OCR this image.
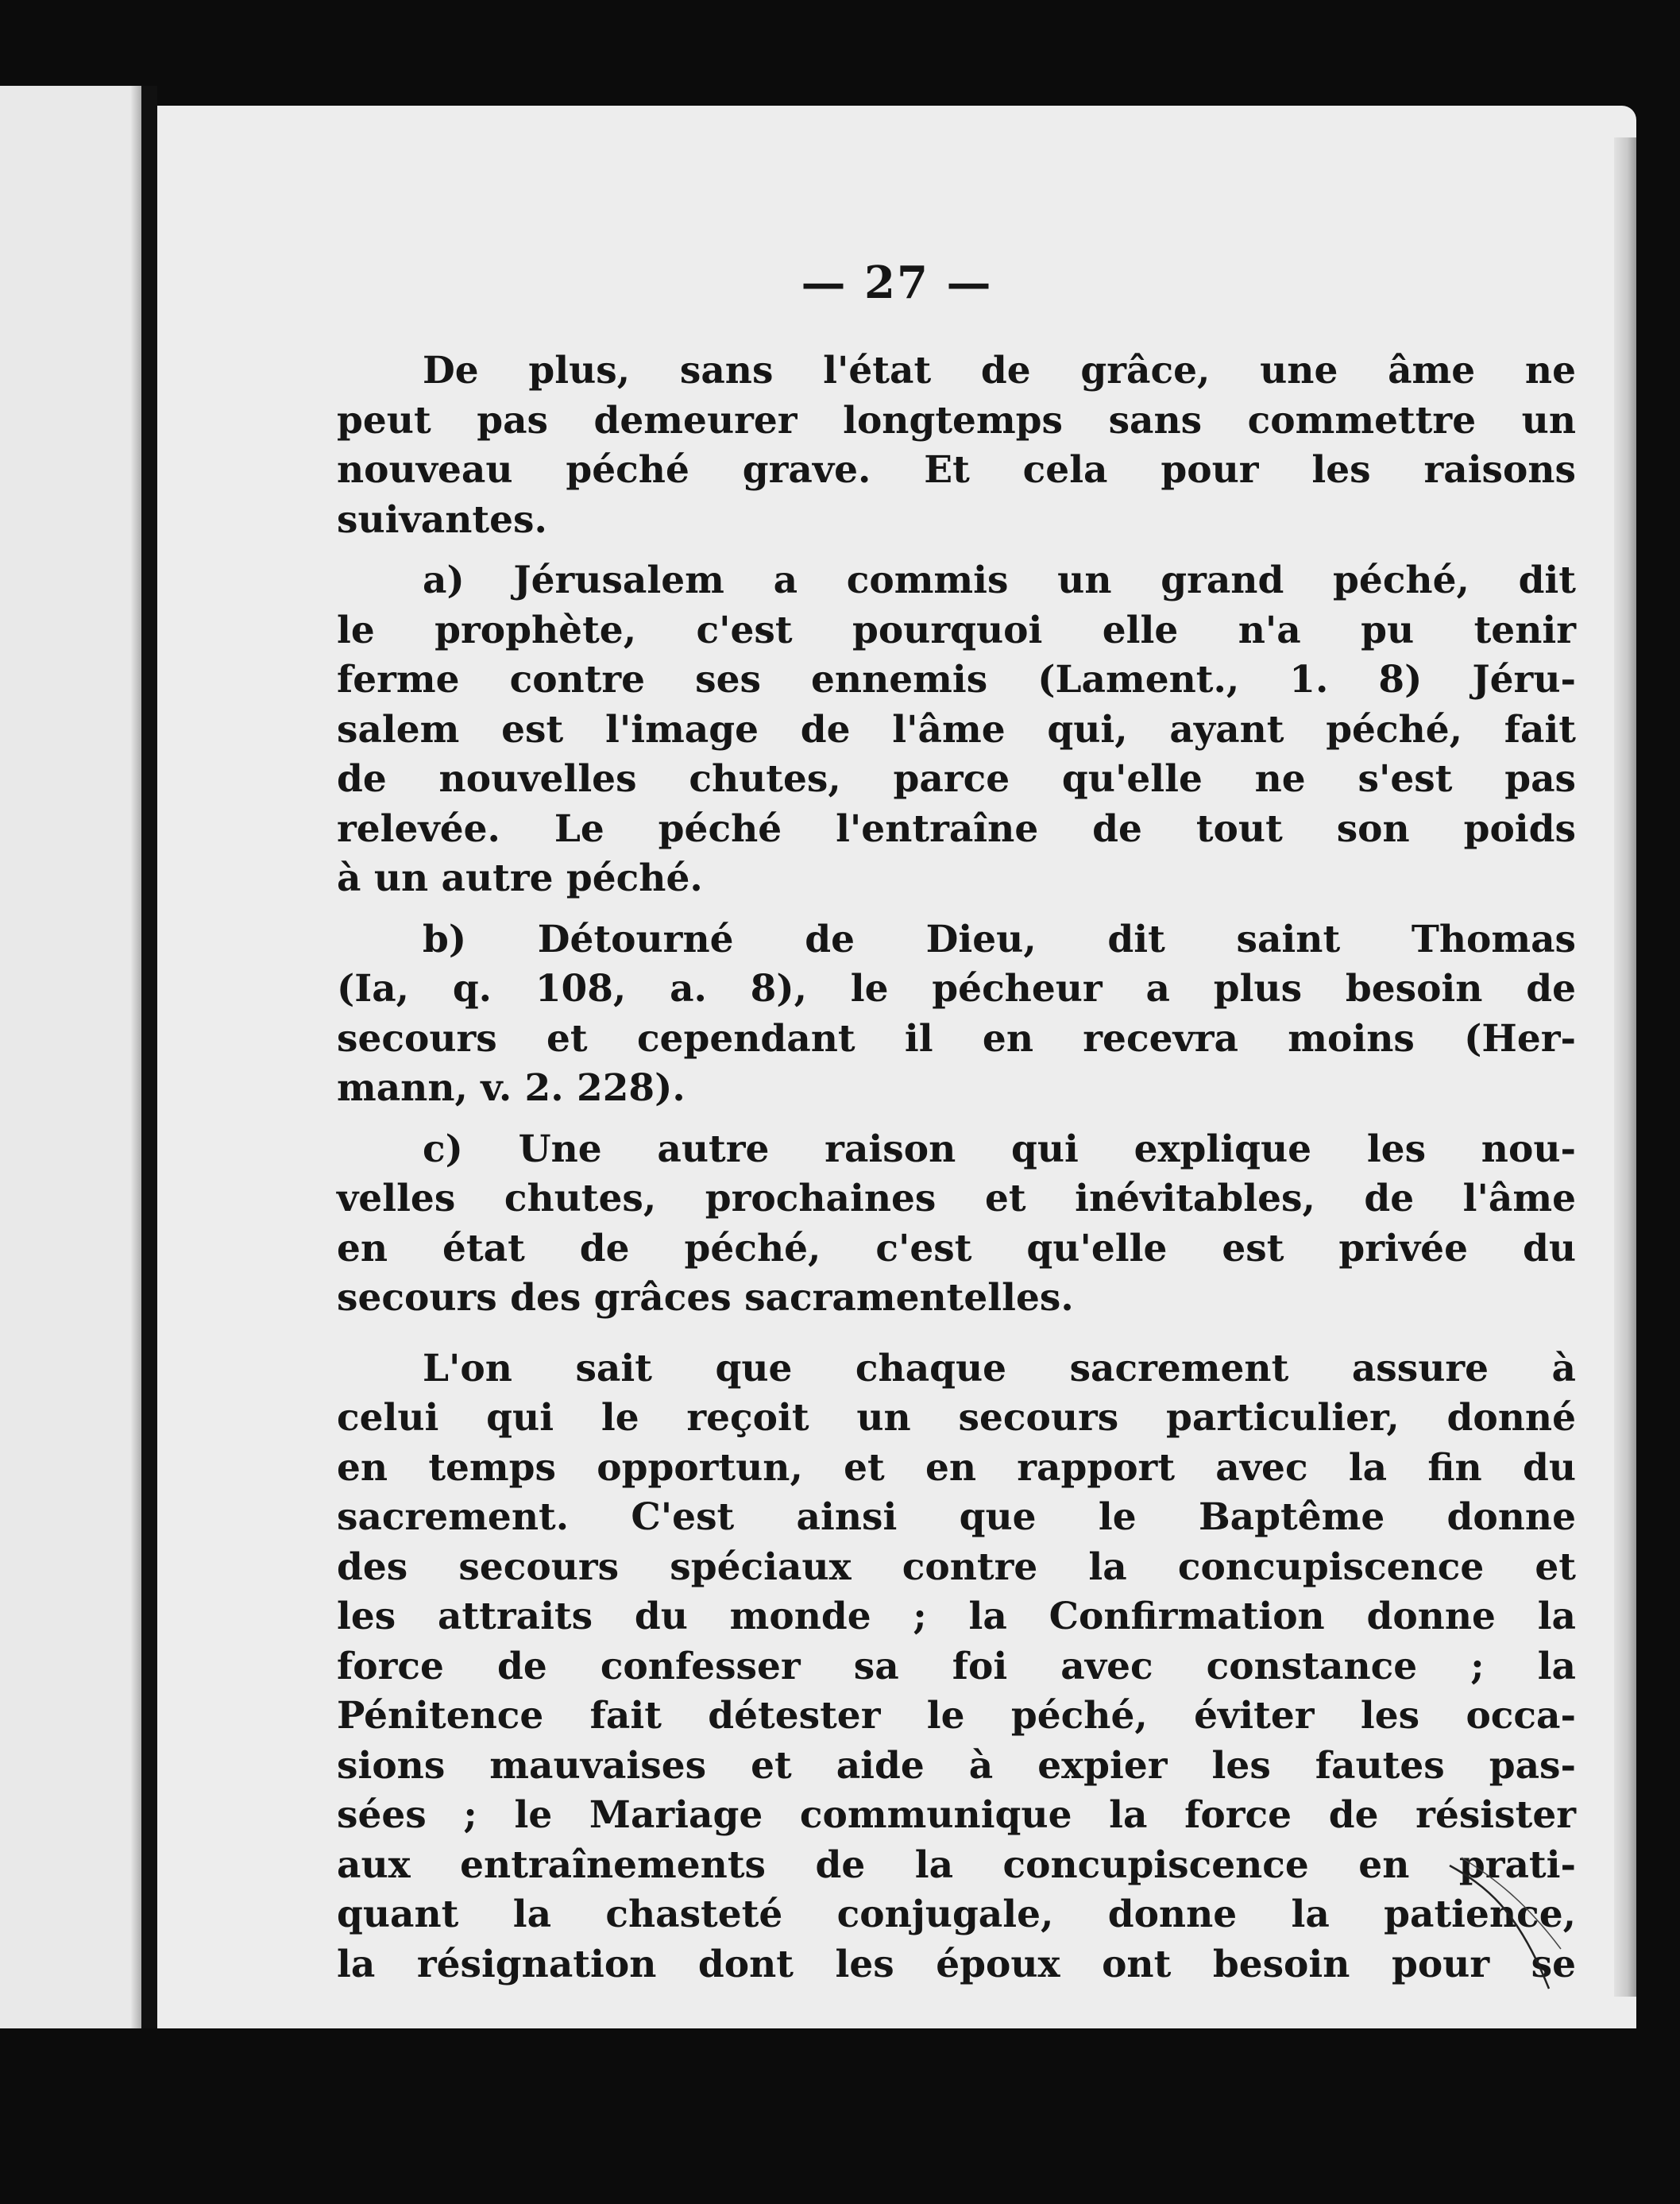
— 27 —
De plus, sans l'état de grâce, une âme ne
peut pas demeurer longtemps sans commettre un
nouveau péché grave. Et cela pour les raisons
suivantes.
a) Jérusalem a commis un grand péché, dit
le prophète, c'est pourquoi elle n'a pu tenir
ferme contre ses ennemis (Lament., 1. 8) Jéru-
salem est l'image de l'âme qui, ayant péché, fait
de nouvelles chutes, parce qu'elle ne s'est pas
relevée. Le péché l'entraîne de tout son poids
à un autre péché.
b) Détourné de Dieu, dit saint Thomas
(Ia, q. 108, a. 8), le pécheur a plus besoin de
secours et cependant il en recevra moins (Her-
mann, v. 2. 228).
c) Une autre raison qui explique les nou-
velles chutes, prochaines et inévitables, de l'âme
en état de péché, c'est qu'elle est privée du
secours des grâces sacramentelles.
L'on sait que chaque sacrement assure à
celui qui le reçoit un secours particulier, donné
en temps opportun, et en rapport avec la fin du
sacrement. C'est ainsi que le Baptême donne
des secours spéciaux contre la concupiscence et
les attraits du monde ; la Confirmation donne la
force de confesser sa foi avec constance ; la
Pénitence fait détester le péché, éviter les occa-
sions mauvaises et aide à expier les fautes pas-
sées ; le Mariage communique la force de résister
aux entraînements de la concupiscence en prati-
quant la chasteté conjugale, donne la patience,
la résignation dont les époux ont besoin pour se
